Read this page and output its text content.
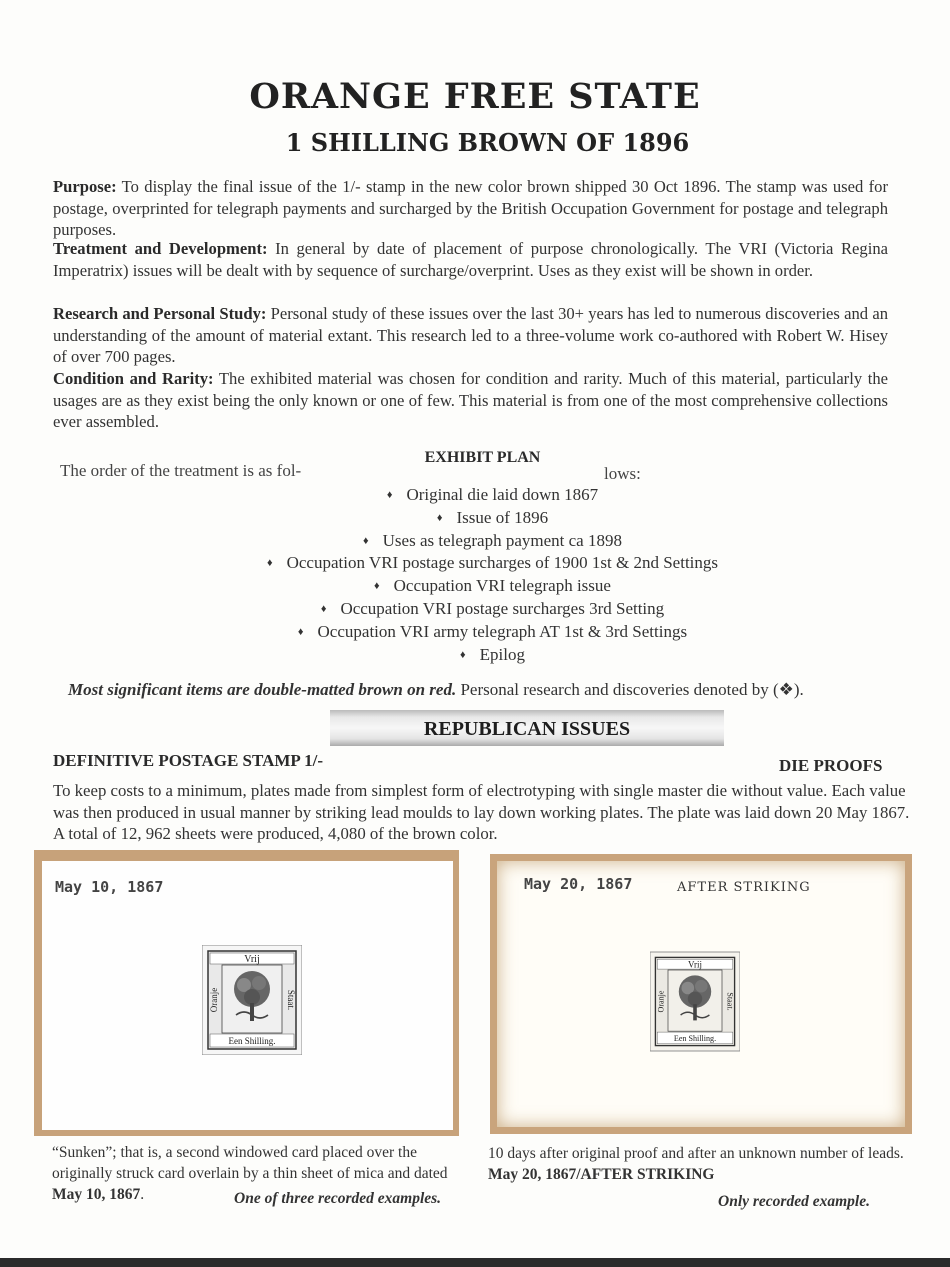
ORANGE FREE STATE
1 SHILLING BROWN OF 1896
Purpose: To display the final issue of the 1/- stamp in the new color brown shipped 30 Oct 1896. The stamp was used for postage, overprinted for telegraph payments and surcharged by the British Occupation Government for postage and telegraph purposes.
Treatment and Development: In general by date of placement of purpose chronologically. The VRI (Victoria Regina Imperatrix) issues will be dealt with by sequence of surcharge/overprint. Uses as they exist will be shown in order.
Research and Personal Study: Personal study of these issues over the last 30+ years has led to numerous discoveries and an understanding of the amount of material extant. This research led to a three-volume work co-authored with Robert W. Hisey of over 700 pages.
Condition and Rarity: The exhibited material was chosen for condition and rarity. Much of this material, particularly the usages are as they exist being the only known or one of few. This material is from one of the most comprehensive collections ever assembled.
EXHIBIT PLAN
The order of the treatment is as fol-	lows:
♦ Original die laid down 1867
♦ Issue of 1896
♦ Uses as telegraph payment ca 1898
♦ Occupation VRI postage surcharges of 1900 1st & 2nd Settings
♦ Occupation VRI telegraph issue
♦ Occupation VRI postage surcharges 3rd Setting
♦ Occupation VRI army telegraph AT 1st & 3rd Settings
♦ Epilog
Most significant items are double-matted brown on red. Personal research and discoveries denoted by (❖).
REPUBLICAN ISSUES
DEFINITIVE POSTAGE STAMP 1/-	DIE PROOFS
To keep costs to a minimum, plates made from simplest form of electrotyping with single master die without value. Each value was then produced in usual manner by striking lead moulds to lay down working plates. The plate was laid down 20 May 1867. A total of 12, 962 sheets were produced, 4,080 of the brown color.
May 10, 1867
Vrij
Een Shilling.
Oranje	Staat.
May 20, 1867	AFTER STRIKING
Vrij
Een Shilling.
Oranje	Staat.
“Sunken”; that is, a second windowed card placed over the originally struck card overlain by a thin sheet of mica and dated May 10, 1867.	One of three recorded examples.
10 days after original proof and after an unknown number of leads. May 20, 1867/AFTER STRIKING
Only recorded example.
